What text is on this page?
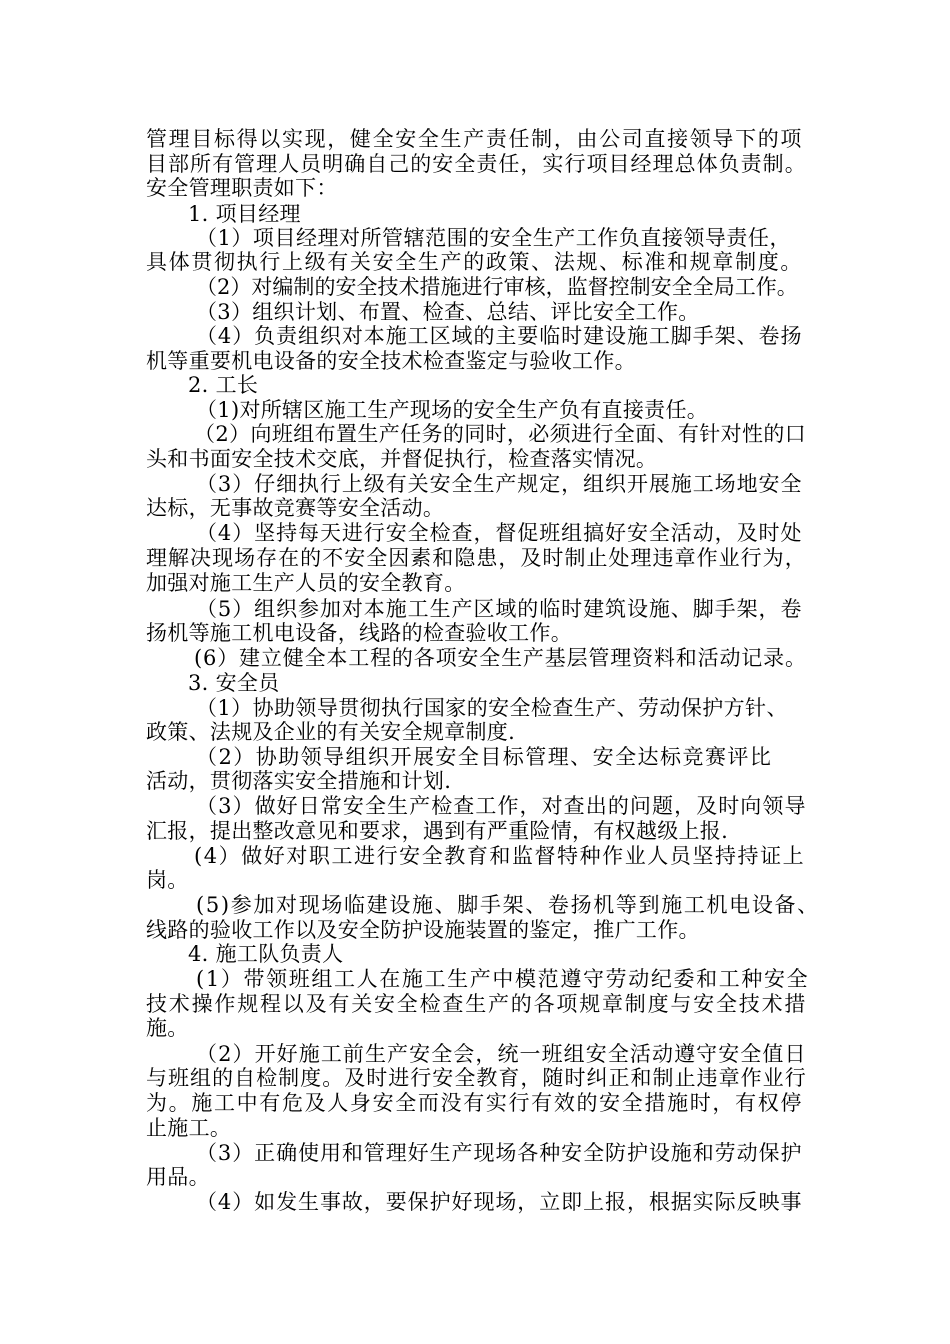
管理目标得以实现，健全安全生产责任制，由公司直接领导下的项
目部所有管理人员明确自己的安全责任，实行项目经理总体负责制。
安全管理职责如下：
1. 项目经理
（1）项目经理对所管辖范围的安全生产工作负直接领导责任，
具体贯彻执行上级有关安全生产的政策、法规、标准和规章制度。
（2）对编制的安全技术措施进行审核，监督控制安全全局工作。
（3）组织计划、布置、检查、总结、评比安全工作。
（4）负责组织对本施工区域的主要临时建设施工脚手架、卷扬
机等重要机电设备的安全技术检查鉴定与验收工作。
2. 工长
（1)对所辖区施工生产现场的安全生产负有直接责任。
（2）向班组布置生产任务的同时，必须进行全面、有针对性的口
头和书面安全技术交底，并督促执行，检查落实情况。
（3）仔细执行上级有关安全生产规定，组织开展施工场地安全
达标，无事故竞赛等安全活动。
（4）坚持每天进行安全检查，督促班组搞好安全活动，及时处
理解决现场存在的不安全因素和隐患，及时制止处理违章作业行为，
加强对施工生产人员的安全教育。
（5）组织参加对本施工生产区域的临时建筑设施、脚手架，卷
扬机等施工机电设备，线路的检查验收工作。
(6）建立健全本工程的各项安全生产基层管理资料和活动记录。
3. 安全员
（1）协助领导贯彻执行国家的安全检查生产、劳动保护方针、
政策、法规及企业的有关安全规章制度.
（2）协助领导组织开展安全目标管理、安全达标竞赛评比
活动，贯彻落实安全措施和计划.
（3）做好日常安全生产检查工作，对查出的问题，及时向领导
汇报，提出整改意见和要求，遇到有严重险情，有权越级上报.
(4）做好对职工进行安全教育和监督特种作业人员坚持持证上
岗。
(5)参加对现场临建设施、脚手架、卷扬机等到施工机电设备、
线路的验收工作以及安全防护设施装置的鉴定，推广工作。
4. 施工队负责人
(1）带领班组工人在施工生产中模范遵守劳动纪委和工种安全
技术操作规程以及有关安全检查生产的各项规章制度与安全技术措
施。
（2）开好施工前生产安全会，统一班组安全活动遵守安全值日
与班组的自检制度。及时进行安全教育，随时纠正和制止违章作业行
为。施工中有危及人身安全而没有实行有效的安全措施时，有权停
止施工。
（3）正确使用和管理好生产现场各种安全防护设施和劳动保护
用品。
（4）如发生事故，要保护好现场，立即上报，根据实际反映事
